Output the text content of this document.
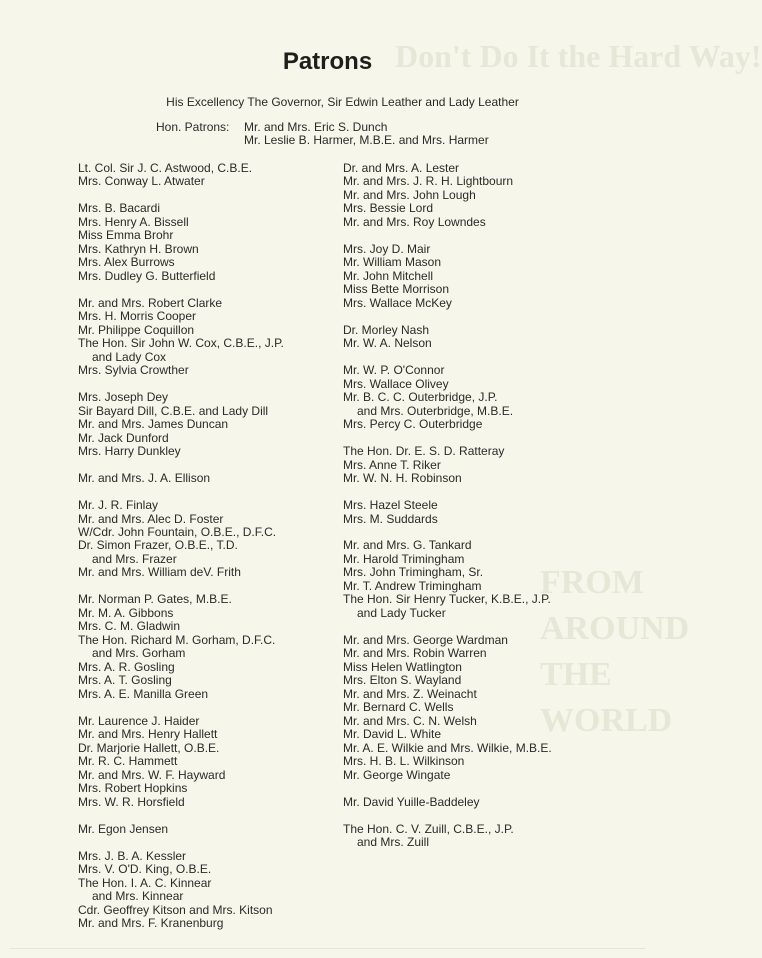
Don't Do It the Hard Way!
FROM AROUND THE WORLD
Patrons

His Excellency The Governor, Sir Edwin Leather and Lady Leather

Hon. Patrons: Mr. and Mrs. Eric S. Dunch
Mr. Leslie B. Harmer, M.B.E. and Mrs. Harmer
Lt. Col. Sir J. C. Astwood, C.B.E.
Mrs. Conway L. Atwater
Mrs. B. Bacardi
Mrs. Henry A. Bissell
Miss Emma Brohr
Mrs. Kathryn H. Brown
Mrs. Alex Burrows
Mrs. Dudley G. Butterfield
Mr. and Mrs. Robert Clarke
Mrs. H. Morris Cooper
Mr. Philippe Coquillon
The Hon. Sir John W. Cox, C.B.E., J.P.
and Lady Cox
Mrs. Sylvia Crowther
Mrs. Joseph Dey
Sir Bayard Dill, C.B.E. and Lady Dill
Mr. and Mrs. James Duncan
Mr. Jack Dunford
Mrs. Harry Dunkley
Mr. and Mrs. J. A. Ellison
Mr. J. R. Finlay
Mr. and Mrs. Alec D. Foster
W/Cdr. John Fountain, O.B.E., D.F.C.
Dr. Simon Frazer, O.B.E., T.D.
and Mrs. Frazer
Mr. and Mrs. William deV. Frith
Mr. Norman P. Gates, M.B.E.
Mr. M. A. Gibbons
Mrs. C. M. Gladwin
The Hon. Richard M. Gorham, D.F.C.
and Mrs. Gorham
Mrs. A. R. Gosling
Mrs. A. T. Gosling
Mrs. A. E. Manilla Green
Mr. Laurence J. Haider
Mr. and Mrs. Henry Hallett
Dr. Marjorie Hallett, O.B.E.
Mr. R. C. Hammett
Mr. and Mrs. W. F. Hayward
Mrs. Robert Hopkins
Mrs. W. R. Horsfield
Mr. Egon Jensen
Mrs. J. B. A. Kessler
Mrs. V. O'D. King, O.B.E.
The Hon. I. A. C. Kinnear
and Mrs. Kinnear
Cdr. Geoffrey Kitson and Mrs. Kitson
Mr. and Mrs. F. Kranenburg
Dr. and Mrs. A. Lester
Mr. and Mrs. J. R. H. Lightbourn
Mr. and Mrs. John Lough
Mrs. Bessie Lord
Mr. and Mrs. Roy Lowndes
Mrs. Joy D. Mair
Mr. William Mason
Mr. John Mitchell
Miss Bette Morrison
Mrs. Wallace McKey
Dr. Morley Nash
Mr. W. A. Nelson
Mr. W. P. O'Connor
Mrs. Wallace Olivey
Mr. B. C. C. Outerbridge, J.P.
and Mrs. Outerbridge, M.B.E.
Mrs. Percy C. Outerbridge
The Hon. Dr. E. S. D. Ratteray
Mrs. Anne T. Riker
Mr. W. N. H. Robinson
Mrs. Hazel Steele
Mrs. M. Suddards
Mr. and Mrs. G. Tankard
Mr. Harold Trimingham
Mrs. John Trimingham, Sr.
Mr. T. Andrew Trimingham
The Hon. Sir Henry Tucker, K.B.E., J.P.
and Lady Tucker
Mr. and Mrs. George Wardman
Mr. and Mrs. Robin Warren
Miss Helen Watlington
Mrs. Elton S. Wayland
Mr. and Mrs. Z. Weinacht
Mr. Bernard C. Wells
Mr. and Mrs. C. N. Welsh
Mr. David L. White
Mr. A. E. Wilkie and Mrs. Wilkie, M.B.E.
Mrs. H. B. L. Wilkinson
Mr. George Wingate
Mr. David Yuille-Baddeley
The Hon. C. V. Zuill, C.B.E., J.P.
and Mrs. Zuill
